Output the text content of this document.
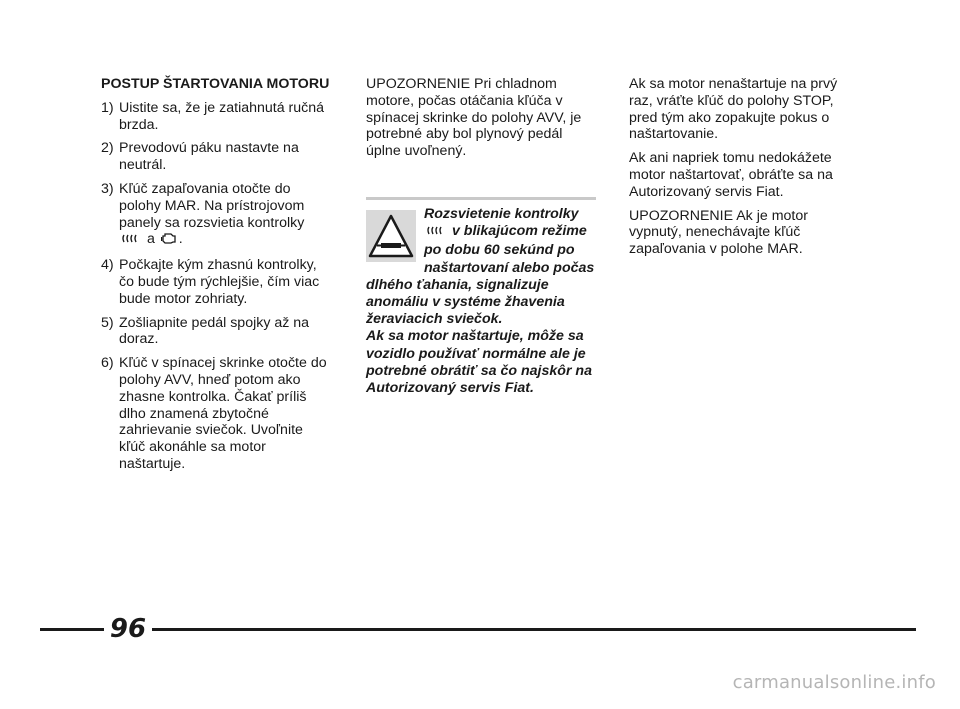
POSTUP ŠTARTOVANIA MOTORU
1) Uistite sa, že je zatiahnutá ručná brzda.
2) Prevodovú páku nastavte na neutrál.
3) Kľúč zapaľovania otočte do polohy MAR. Na prístrojovom panely sa rozsvietia kontrolky
a .
4) Počkajte kým zhasnú kontrolky, čo bude tým rýchlejšie, čím viac bude motor zohriaty.
5) Zošliapnite pedál spojky až na doraz.
6) Kľúč v spínacej skrinke otočte do polohy AVV, hneď potom ako zhasne kontrolka. Čakať príliš dlho znamená zbytočné zahrievanie sviečok. Uvoľnite kľúč akonáhle sa motor naštartuje.

UPOZORNENIE Pri chladnom motore, počas otáčania kľúča v spínacej skrinke do polohy AVV, je potrebné aby bol plynový pedál úplne uvoľnený.

Rozsvietenie kontrolky
v blikajúcom režime po dobu 60 sekúnd po naštartovaní alebo počas dlhého ťahania, signalizuje anomáliu v systéme žhavenia žeraviacich sviečok.

Ak sa motor naštartuje, môže sa vozidlo používať normálne ale je potrebné obrátiť sa čo najskôr na Autorizovaný servis Fiat.

Ak sa motor nenaštartuje na prvý raz, vráťte kľúč do polohy STOP, pred tým ako zopakujte pokus o naštartovanie.

Ak ani napriek tomu nedokážete motor naštartovať, obráťte sa na Autorizovaný servis Fiat.

UPOZORNENIE Ak je motor vypnutý, nenechávajte kľúč zapaľovania v polohe MAR.

96
carmanualsonline.info
